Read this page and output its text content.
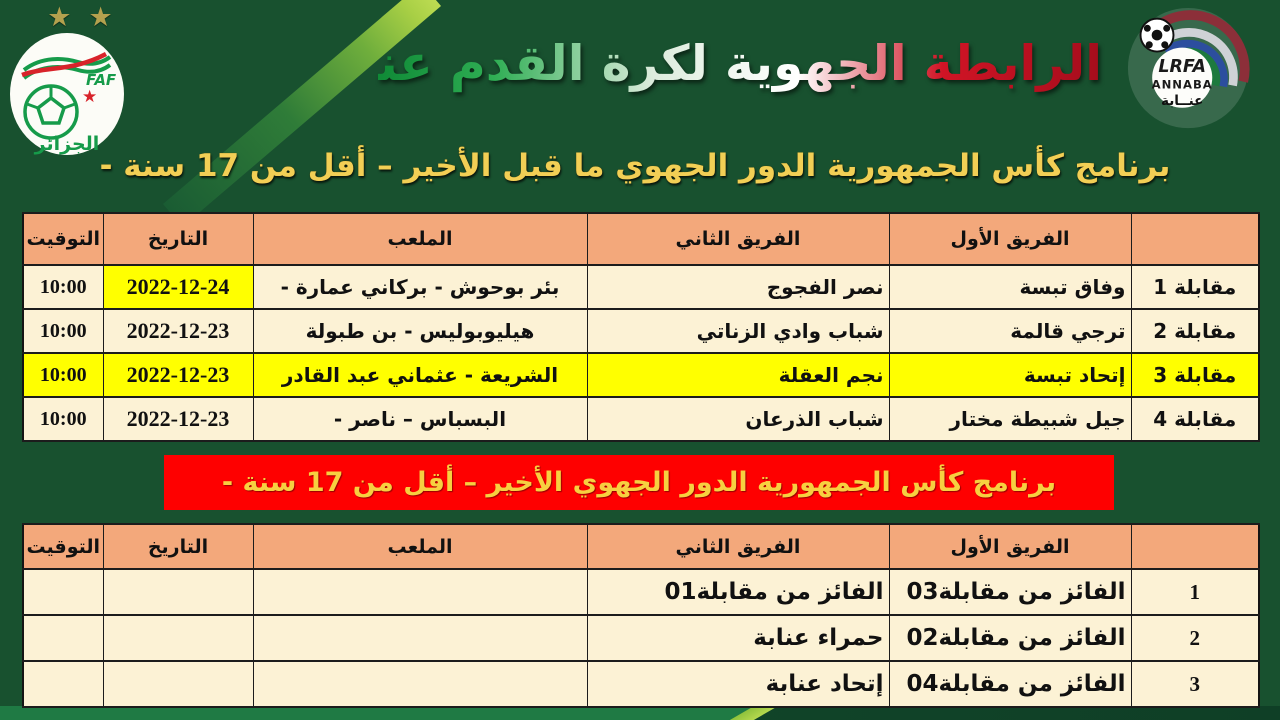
★ ★
FAF
★
الجزائر
الرابطة الجهوية لكرة القدم عنابة	LRFA
ANNABA
عنــابة
برنامج كأس الجمهورية الدور الجهوي ما قبل الأخير – أقل من 17 سنة -
	الفريق الأول	الفريق الثاني	الملعب	التاريخ	التوقيت
مقابلة 1	وفاق تبسة	نصر الفجوج	بئر بوحوش - بركاني عمارة -	2022-12-24	10:00
مقابلة 2	ترجي قالمة	شباب وادي الزناتي	هيليوبوليس - بن طبولة	2022-12-23	10:00
مقابلة 3	إتحاد تبسة	نجم العقلة	الشريعة - عثماني عبد القادر	2022-12-23	10:00
مقابلة 4	جيل شبيطة مختار	شباب الذرعان	البسباس – ناصر -	2022-12-23	10:00
برنامج كأس الجمهورية الدور الجهوي الأخير – أقل من 17 سنة -
	الفريق الأول	الفريق الثاني	الملعب	التاريخ	التوقيت
1	الفائز من مقابلة03	الفائز من مقابلة01			
2	الفائز من مقابلة02	حمراء عنابة			
3	الفائز من مقابلة04	إتحاد عنابة			
